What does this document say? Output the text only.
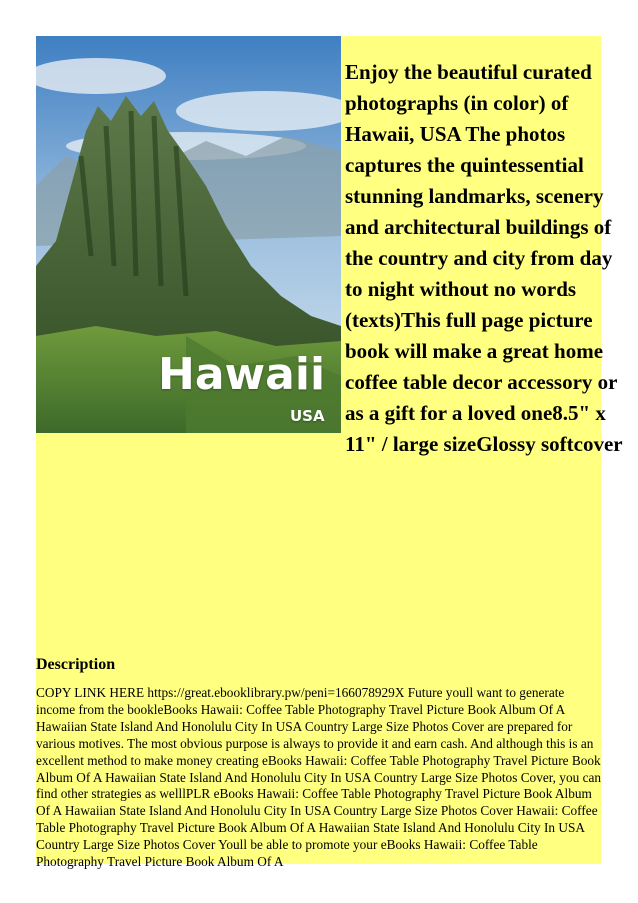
Hawaii
USA

Enjoy the beautiful curated photographs (in color) of Hawaii, USA The photos captures the quintessential stunning landmarks, scenery and architectural buildings of the country and city from day to night without no words (texts)This full page picture book will make a great home coffee table decor accessory or as a gift for a loved one8.5" x 11" / large sizeGlossy softcover

Description

COPY LINK HERE https://great.ebooklibrary.pw/peni=166078929X Future youll want to generate income from the bookleBooks Hawaii: Coffee Table Photography Travel Picture Book Album Of A Hawaiian State Island And Honolulu City In USA Country Large Size Photos Cover are prepared for various motives. The most obvious purpose is always to provide it and earn cash. And although this is an excellent method to make money creating eBooks Hawaii: Coffee Table Photography Travel Picture Book Album Of A Hawaiian State Island And Honolulu City In USA Country Large Size Photos Cover, you can find other strategies as welllPLR eBooks Hawaii: Coffee Table Photography Travel Picture Book Album Of A Hawaiian State Island And Honolulu City In USA Country Large Size Photos Cover Hawaii: Coffee Table Photography Travel Picture Book Album Of A Hawaiian State Island And Honolulu City In USA Country Large Size Photos Cover Youll be able to promote your eBooks Hawaii: Coffee Table Photography Travel Picture Book Album Of A
